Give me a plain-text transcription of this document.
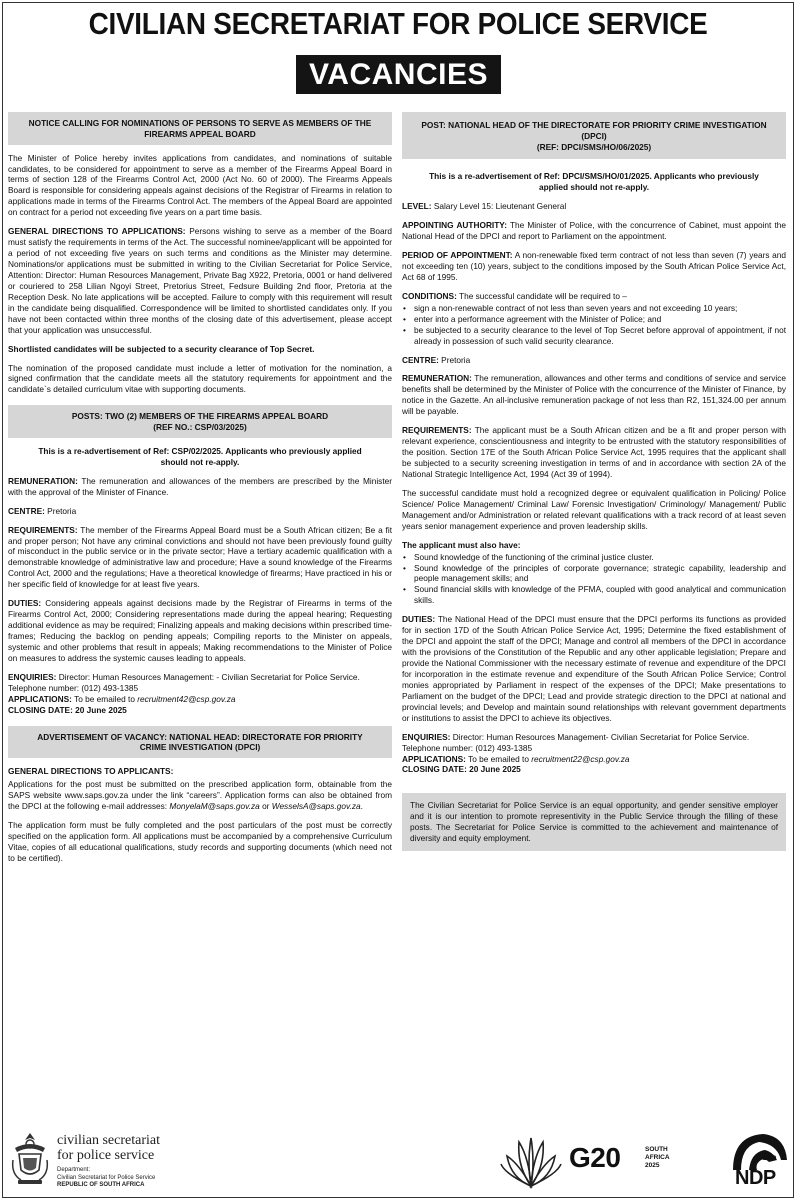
CIVILIAN SECRETARIAT FOR POLICE SERVICE
VACANCIES
NOTICE CALLING FOR NOMINATIONS OF PERSONS TO SERVE AS MEMBERS OF THE
FIREARMS APPEAL BOARD
The Minister of Police hereby invites applications from candidates, and nominations of suitable candidates, to be considered for appointment to serve as a member of the Firearms Appeal Board in terms of section 128 of the Firearms Control Act, 2000 (Act No. 60 of 2000). The Firearms Appeals Board is responsible for considering appeals against decisions of the Registrar of Firearms in relation to applications made in terms of the Firearms Control Act. The members of the Appeal Board are appointed on contract for a period not exceeding five years on a part time basis.
GENERAL DIRECTIONS TO APPLICATIONS: Persons wishing to serve as a member of the Board must satisfy the requirements in terms of the Act. The successful nominee/applicant will be appointed for a period of not exceeding five years on such terms and conditions as the Minister may determine. Nominations/or applications must be submitted in writing to the Civilian Secretariat for Police Service, Attention: Director: Human Resources Management, Private Bag X922, Pretoria, 0001 or hand delivered or couriered to 258 Lilian Ngoyi Street, Pretorius Street, Fedsure Building 2nd floor, Pretoria at the Reception Desk. No late applications will be accepted. Failure to comply with this requirement will result in the candidate being disqualified. Correspondence will be limited to shortlisted candidates only. If you have not been contacted within three months of the closing date of this advertisement, please accept that your application was unsuccessful.
Shortlisted candidates will be subjected to a security clearance of Top Secret.
The nomination of the proposed candidate must include a letter of motivation for the nomination, a signed confirmation that the candidate meets all the statutory requirements for appointment and the candidate`s detailed curriculum vitae with supporting documents.
POSTS: TWO (2) MEMBERS OF THE FIREARMS APPEAL BOARD
(REF NO.: CSP/03/2025)
This is a re-advertisement of Ref: CSP/02/2025. Applicants who previously applied
should not re-apply.
REMUNERATION: The remuneration and allowances of the members are prescribed by the Minister with the approval of the Minister of Finance.
CENTRE: Pretoria
REQUIREMENTS: The member of the Firearms Appeal Board must be a South African citizen; Be a fit and proper person; Not have any criminal convictions and should not have been previously found guilty of misconduct in the public service or in the private sector; Have a tertiary academic qualification with a demonstrable knowledge of administrative law and procedure; Have a sound knowledge of the Firearms Control Act, 2000 and the regulations; Have a theoretical knowledge of firearms; Have practiced in his or her specific field of knowledge for at least five years.
DUTIES: Considering appeals against decisions made by the Registrar of Firearms in terms of the Firearms Control Act, 2000; Considering representations made during the appeal hearing; Requesting additional evidence as may be required; Finalizing appeals and making decisions within prescribed time-frames; Reducing the backlog on pending appeals; Compiling reports to the Minister on appeals, systemic and other problems that result in appeals; Making recommendations to the Minister of Police on measures to address the systemic causes leading to appeals.
ENQUIRIES: Director: Human Resources Management: - Civilian Secretariat for Police Service.
Telephone number: (012) 493-1385
APPLICATIONS: To be emailed to recruitment42@csp.gov.za
CLOSING DATE: 20 June 2025
ADVERTISEMENT OF VACANCY: NATIONAL HEAD: DIRECTORATE FOR PRIORITY
CRIME INVESTIGATION (DPCI)
GENERAL DIRECTIONS TO APPLICANTS:
Applications for the post must be submitted on the prescribed application form, obtainable from the SAPS website www.saps.gov.za under the link “careers”. Application forms can also be obtained from the DPCI at the following e-mail addresses: MonyelaM@saps.gov.za or WesselsA@saps.gov.za.
The application form must be fully completed and the post particulars of the post must be correctly specified on the application form. All applications must be accompanied by a comprehensive Curriculum Vitae, copies of all educational qualifications, study records and supporting documents (which need not to be certified).
POST: NATIONAL HEAD OF THE DIRECTORATE FOR PRIORITY CRIME INVESTIGATION
(DPCI)
(REF: DPCI/SMS/HO/06/2025)
This is a re-advertisement of Ref: DPCI/SMS/HO/01/2025. Applicants who previously
applied should not re-apply.
LEVEL: Salary Level 15: Lieutenant General
APPOINTING AUTHORITY: The Minister of Police, with the concurrence of Cabinet, must appoint the National Head of the DPCI and report to Parliament on the appointment.
PERIOD OF APPOINTMENT: A non-renewable fixed term contract of not less than seven (7) years and not exceeding ten (10) years, subject to the conditions imposed by the South African Police Service Act, Act 68 of 1995.
CONDITIONS: The successful candidate will be required to –
• sign a non-renewable contract of not less than seven years and not exceeding 10 years;
• enter into a performance agreement with the Minister of Police; and
• be subjected to a security clearance to the level of Top Secret before approval of appointment, if not already in possession of such valid security clearance.
CENTRE: Pretoria
REMUNERATION: The remuneration, allowances and other terms and conditions of service and service benefits shall be determined by the Minister of Police with the concurrence of the Minister of Finance, by notice in the Gazette. An all-inclusive remuneration package of not less than R2, 151,324.00 per annum will be payable.
REQUIREMENTS: The applicant must be a South African citizen and be a fit and proper person with relevant experience, conscientiousness and integrity to be entrusted with the statutory responsibilities of the position. Section 17E of the South African Police Service Act, 1995 requires that the applicant shall be subjected to a security screening investigation in terms of and in accordance with section 2A of the National Strategic Intelligence Act, 1994 (Act 39 of 1994).
The successful candidate must hold a recognized degree or equivalent qualification in Policing/ Police Science/ Police Management/ Criminal Law/ Forensic Investigation/ Criminology/ Management/ Public Management and/or Administration or related relevant qualifications with a track record of at least seven years senior management experience and proven leadership skills.
The applicant must also have:
• Sound knowledge of the functioning of the criminal justice cluster.
• Sound knowledge of the principles of corporate governance; strategic capability, leadership and people management skills; and
• Sound financial skills with knowledge of the PFMA, coupled with good analytical and communication skills.
DUTIES: The National Head of the DPCI must ensure that the DPCI performs its functions as provided for in section 17D of the South African Police Service Act, 1995; Determine the fixed establishment of the DPCI and appoint the staff of the DPCI; Manage and control all members of the DPCI in accordance with the provisions of the Constitution of the Republic and any other applicable legislation; Prepare and provide the National Commissioner with the necessary estimate of revenue and expenditure of the DPCI for incorporation in the estimate revenue and expenditure of the South African Police Service; Control monies appropriated by Parliament in respect of the expenses of the DPCI; Make presentations to Parliament on the budget of the DPCI; Lead and provide strategic direction to the DPCI at national and provincial levels; and Develop and maintain sound relationships with relevant government departments or institutions to assist the DPCI to achieve its objectives.
ENQUIRIES: Director: Human Resources Management- Civilian Secretariat for Police Service.
Telephone number: (012) 493-1385
APPLICATIONS: To be emailed to recruitment22@csp.gov.za
CLOSING DATE: 20 June 2025
The Civilian Secretariat for Police Service is an equal opportunity, and gender sensitive employer and it is our intention to promote representivity in the Public Service through the filling of these posts. The Secretariat for Police Service is committed to the achievement and maintenance of diversity and equity employment.
civilian secretariat
for police service
Department:
Civilian Secretariat for Police Service
REPUBLIC OF SOUTH AFRICA
G20	SOUTH
AFRICA
2025
2030
NDP
